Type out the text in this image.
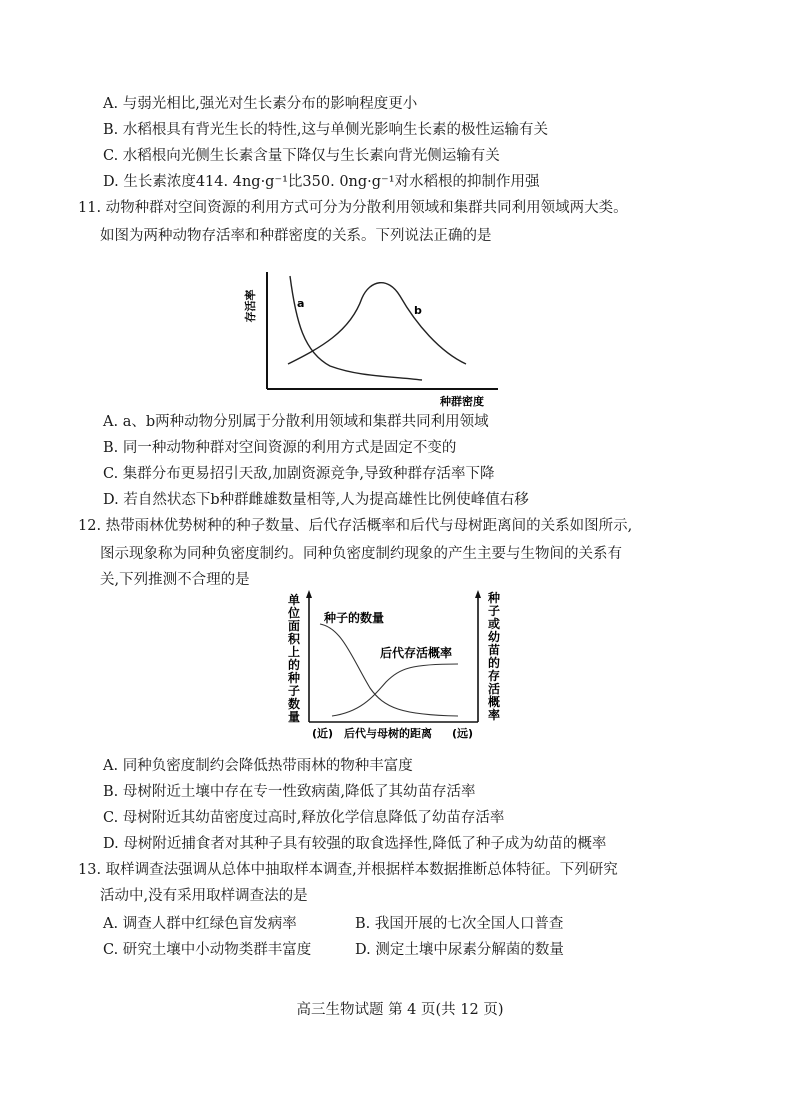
A. 与弱光相比,强光对生长素分布的影响程度更小
B. 水稻根具有背光生长的特性,这与单侧光影响生长素的极性运输有关
C. 水稻根向光侧生长素含量下降仅与生长素向背光侧运输有关
D. 生长素浓度414. 4ng·g⁻¹比350. 0ng·g⁻¹对水稻根的抑制作用强
11. 动物种群对空间资源的利用方式可分为分散利用领域和集群共同利用领域两大类。
如图为两种动物存活率和种群密度的关系。下列说法正确的是
存活率
种群密度
a
b
A. a、b两种动物分别属于分散利用领域和集群共同利用领域
B. 同一种动物种群对空间资源的利用方式是固定不变的
C. 集群分布更易招引天敌,加剧资源竞争,导致种群存活率下降
D. 若自然状态下b种群雌雄数量相等,人为提高雄性比例使峰值右移
12. 热带雨林优势树种的种子数量、后代存活概率和后代与母树距离间的关系如图所示,
图示现象称为同种负密度制约。同种负密度制约现象的产生主要与生物间的关系有
关,下列推测不合理的是
单位面积上的种子数量
种子或幼苗的存活概率
种子的数量
后代存活概率
(近) 后代与母树的距离 (远)
A. 同种负密度制约会降低热带雨林的物种丰富度
B. 母树附近土壤中存在专一性致病菌,降低了其幼苗存活率
C. 母树附近其幼苗密度过高时,释放化学信息降低了幼苗存活率
D. 母树附近捕食者对其种子具有较强的取食选择性,降低了种子成为幼苗的概率
13. 取样调查法强调从总体中抽取样本调查,并根据样本数据推断总体特征。下列研究
活动中,没有采用取样调查法的是
A. 调查人群中红绿色盲发病率	B. 我国开展的七次全国人口普查
C. 研究土壤中小动物类群丰富度	D. 测定土壤中尿素分解菌的数量
高三生物试题 第 4 页(共 12 页)
